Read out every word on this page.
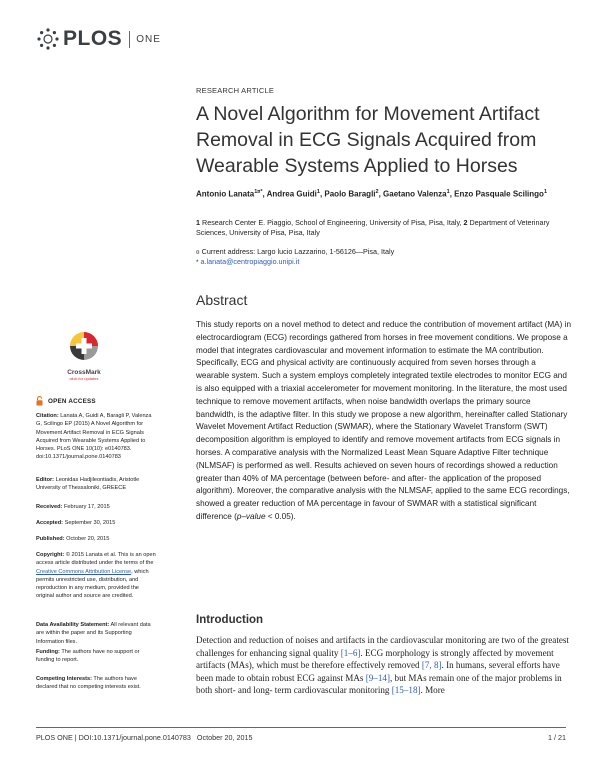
PLOS ONE
CrossMark
click for updates
OPEN ACCESS
Citation: Lanata A, Guidi A, Baragli P, Valenza G, Scilingo EP (2015) A Novel Algorithm for Movement Artifact Removal in ECG Signals Acquired from Wearable Systems Applied to Horses. PLoS ONE 10(10): e0140783. doi:10.1371/journal.pone.0140783
Editor: Leonidas Hadjileontiadis, Aristotle University of Thessaloniki, GREECE
Received: February 17, 2015
Accepted: September 30, 2015
Published: October 20, 2015
Copyright: © 2015 Lanata et al. This is an open access article distributed under the terms of the Creative Commons Attribution License, which permits unrestricted use, distribution, and reproduction in any medium, provided the original author and source are credited.
Data Availability Statement: All relevant data are within the paper and its Supporting Information files.
Funding: The authors have no support or funding to report.
Competing Interests: The authors have declared that no competing interests exist.
RESEARCH ARTICLE
A Novel Algorithm for Movement Artifact Removal in ECG Signals Acquired from Wearable Systems Applied to Horses
Antonio Lanata$^{1¤*}$, Andrea Guidi$^1$, Paolo Baragli$^2$, Gaetano Valenza$^1$, Enzo Pasquale Scilingo$^1$
1 Research Center E. Piaggio, School of Engineering, University of Pisa, Pisa, Italy, 2 Department of Veterinary Sciences, University of Pisa, Pisa, Italy
¤ Current address: Largo lucio Lazzarino, 1-56126—Pisa, Italy
* a.lanata@centropiaggio.unipi.it
Abstract

This study reports on a novel method to detect and reduce the contribution of movement artifact (MA) in electrocardiogram (ECG) recordings gathered from horses in free movement conditions. We propose a model that integrates cardiovascular and movement information to estimate the MA contribution. Specifically, ECG and physical activity are continuously acquired from seven horses through a wearable system. Such a system employs completely integrated textile electrodes to monitor ECG and is also equipped with a triaxial accelerometer for movement monitoring. In the literature, the most used technique to remove movement artifacts, when noise bandwidth overlaps the primary source bandwidth, is the adaptive filter. In this study we propose a new algorithm, hereinafter called Stationary Wavelet Movement Artifact Reduction (SWMAR), where the Stationary Wavelet Transform (SWT) decomposition algorithm is employed to identify and remove movement artifacts from ECG signals in horses. A comparative analysis with the Normalized Least Mean Square Adaptive Filter technique (NLMSAF) is performed as well. Results achieved on seven hours of recordings showed a reduction greater than 40% of MA percentage (between before- and after- the application of the proposed algorithm). Moreover, the comparative analysis with the NLMSAF, applied to the same ECG recordings, showed a greater reduction of MA percentage in favour of SWMAR with a statistical significant difference (p–value < 0.05).

Introduction

Detection and reduction of noises and artifacts in the cardiovascular monitoring are two of the greatest challenges for enhancing signal quality [1–6]. ECG morphology is strongly affected by movement artifacts (MAs), which must be therefore effectively removed [7, 8]. In humans, several efforts have been made to obtain robust ECG against MAs [9–14], but MAs remain one of the major problems in both short- and long- term cardiovascular monitoring [15–18]. More

PLOS ONE | DOI:10.1371/journal.pone.0140783   October 20, 2015	1 / 21
